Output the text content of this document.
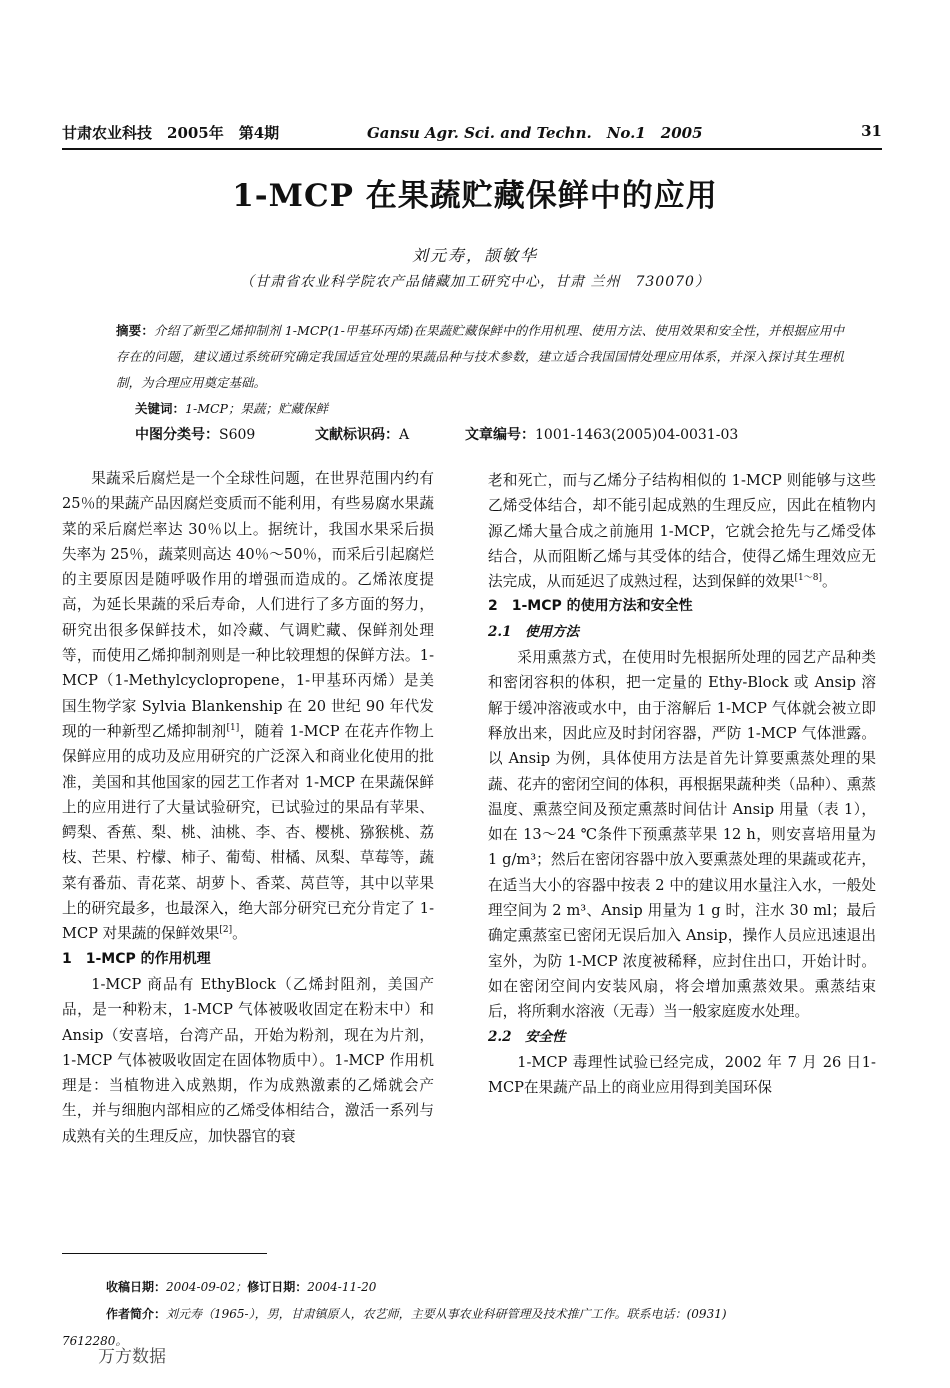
甘肃农业科技　2005年　第4期	Gansu Agr. Sci. and Techn.　No.1　2005	31
1-MCP 在果蔬贮藏保鲜中的应用
刘元寿，颉敏华
（甘肃省农业科学院农产品储藏加工研究中心，甘肃 兰州　730070）
摘要：介绍了新型乙烯抑制剂 1-MCP(1-甲基环丙烯)在果蔬贮藏保鲜中的作用机理、使用方法、使用效果和安全性，并根据应用中存在的问题，建议通过系统研究确定我国适宜处理的果蔬品种与技术参数，建立适合我国国情处理应用体系，并深入探讨其生理机制，为合理应用奠定基础。
关键词：1-MCP；果蔬；贮藏保鲜
中图分类号：S609	文献标识码：A	文章编号：1001-1463(2005)04-0031-03

果蔬采后腐烂是一个全球性问题，在世界范围内约有 25％的果蔬产品因腐烂变质而不能利用，有些易腐水果蔬菜的采后腐烂率达 30％以上。据统计，我国水果采后损失率为 25％，蔬菜则高达 40％～50％，而采后引起腐烂的主要原因是随呼吸作用的增强而造成的。乙烯浓度提高，为延长果蔬的采后寿命，人们进行了多方面的努力，研究出很多保鲜技术，如冷藏、气调贮藏、保鲜剂处理等，而使用乙烯抑制剂则是一种比较理想的保鲜方法。1-MCP（1-Methylcyclopropene，1-甲基环丙烯）是美国生物学家 Sylvia Blankenship 在 20 世纪 90 年代发现的一种新型乙烯抑制剂[1]，随着 1-MCP 在花卉作物上保鲜应用的成功及应用研究的广泛深入和商业化使用的批准，美国和其他国家的园艺工作者对 1-MCP 在果蔬保鲜上的应用进行了大量试验研究，已试验过的果品有苹果、鳄梨、香蕉、梨、桃、油桃、李、杏、樱桃、猕猴桃、荔枝、芒果、柠檬、柿子、葡萄、柑橘、凤梨、草莓等，蔬菜有番茄、青花菜、胡萝卜、香菜、莴苣等，其中以苹果上的研究最多，也最深入，绝大部分研究已充分肯定了 1-MCP 对果蔬的保鲜效果[2]。

1　1-MCP 的作用机理

1-MCP 商品有 EthyBlock（乙烯封阻剂，美国产品，是一种粉末，1-MCP 气体被吸收固定在粉末中）和 Ansip（安喜培，台湾产品，开始为粉剂，现在为片剂，1-MCP 气体被吸收固定在固体物质中）。1-MCP 作用机理是：当植物进入成熟期，作为成熟激素的乙烯就会产生，并与细胞内部相应的乙烯受体相结合，激活一系列与成熟有关的生理反应，加快器官的衰

老和死亡，而与乙烯分子结构相似的 1-MCP 则能够与这些乙烯受体结合，却不能引起成熟的生理反应，因此在植物内源乙烯大量合成之前施用 1-MCP，它就会抢先与乙烯受体结合，从而阻断乙烯与其受体的结合，使得乙烯生理效应无法完成，从而延迟了成熟过程，达到保鲜的效果[1～8]。

2　1-MCP 的使用方法和安全性
2.1　使用方法

采用熏蒸方式，在使用时先根据所处理的园艺产品种类和密闭容积的体积，把一定量的 Ethy-Block 或 Ansip 溶解于缓冲溶液或水中，由于溶解后 1-MCP 气体就会被立即释放出来，因此应及时封闭容器，严防 1-MCP 气体泄露。以 Ansip 为例，具体使用方法是首先计算要熏蒸处理的果蔬、花卉的密闭空间的体积，再根据果蔬种类（品种）、熏蒸温度、熏蒸空间及预定熏蒸时间估计 Ansip 用量（表 1），如在 13～24 ℃条件下预熏蒸苹果 12 h，则安喜培用量为 1 g/m³；然后在密闭容器中放入要熏蒸处理的果蔬或花卉，在适当大小的容器中按表 2 中的建议用水量注入水，一般处理空间为 2 m³、Ansip 用量为 1 g 时，注水 30 ml；最后确定熏蒸室已密闭无误后加入 Ansip，操作人员应迅速退出室外，为防 1-MCP 浓度被稀释，应封住出口，开始计时。如在密闭空间内安装风扇，将会增加熏蒸效果。熏蒸结束后，将所剩水溶液（无毒）当一般家庭废水处理。

2.2　安全性

1-MCP 毒理性试验已经完成，2002 年 7 月 26 日1-MCP在果蔬产品上的商业应用得到美国环保

收稿日期：2004-09-02；修订日期：2004-11-20

作者简介：刘元寿（1965-），男，甘肃镇原人，农艺师，主要从事农业科研管理及技术推广工作。联系电话：(0931)

7612280。

万方数据
